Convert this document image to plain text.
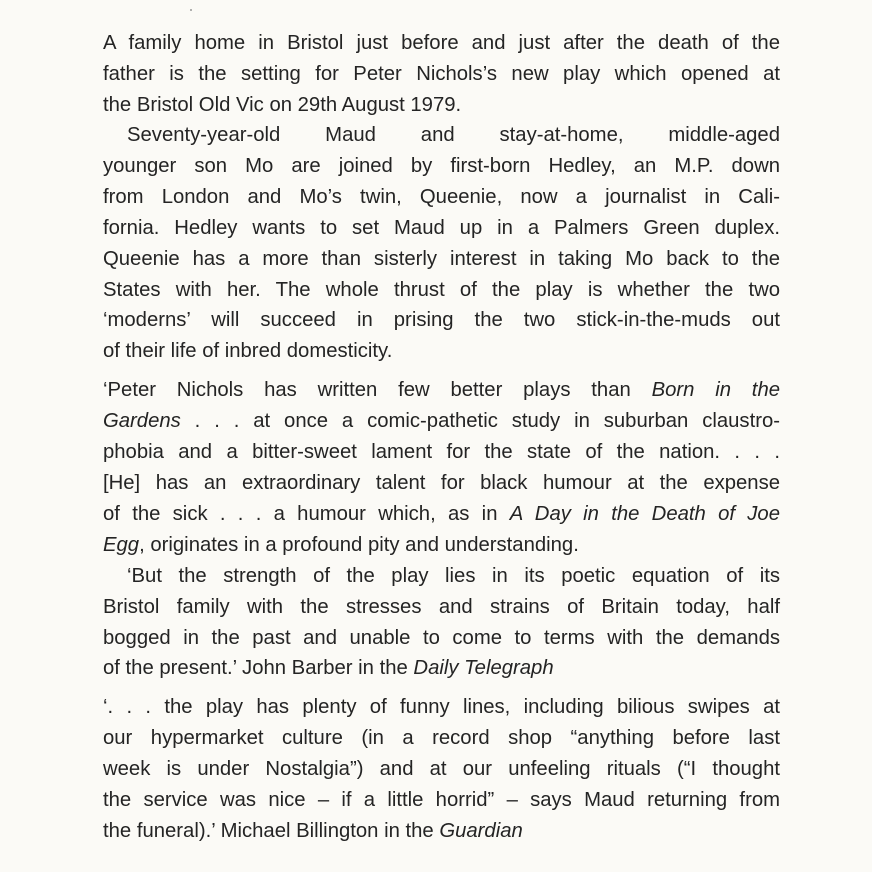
A family home in Bristol just before and just after the death of the
father is the setting for Peter Nichols’s new play which opened at
the Bristol Old Vic on 29th August 1979.
Seventy-year-old Maud and stay-at-home, middle-aged
younger son Mo are joined by first-born Hedley, an M.P. down
from London and Mo’s twin, Queenie, now a journalist in Cali-
fornia. Hedley wants to set Maud up in a Palmers Green duplex.
Queenie has a more than sisterly interest in taking Mo back to the
States with her. The whole thrust of the play is whether the two
‘moderns’ will succeed in prising the two stick-in-the-muds out
of their life of inbred domesticity.
‘Peter Nichols has written few better plays than Born in the
Gardens . . . at once a comic-pathetic study in suburban claustro-
phobia and a bitter-sweet lament for the state of the nation. . . .
[He] has an extraordinary talent for black humour at the expense
of the sick . . . a humour which, as in A Day in the Death of Joe
Egg, originates in a profound pity and understanding.
‘But the strength of the play lies in its poetic equation of its
Bristol family with the stresses and strains of Britain today, half
bogged in the past and unable to come to terms with the demands
of the present.’ John Barber in the Daily Telegraph
‘. . . the play has plenty of funny lines, including bilious swipes at
our hypermarket culture (in a record shop “anything before last
week is under Nostalgia”) and at our unfeeling rituals (“I thought
the service was nice – if a little horrid” – says Maud returning from
the funeral).’ Michael Billington in the Guardian
